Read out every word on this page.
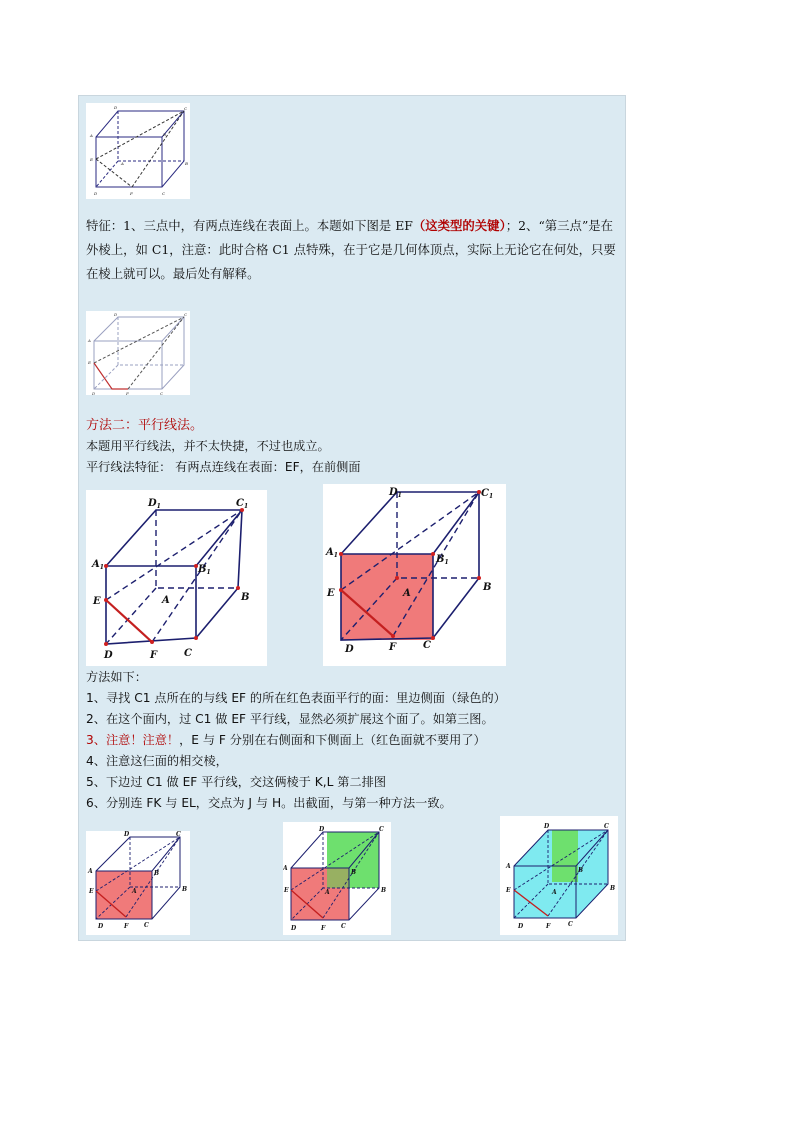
D	C
A	B
E
A	B
D	F	C
特征：1、三点中，有两点连线在表面上。本题如下图是 EF（这类型的关键）；2、“第三点”是在外棱上，如 C1，注意：此时合格 C1 点特殊，在于它是几何体顶点，实际上无论它在何处，只要在棱上就可以。最后处有解释。
D	C
A
E
D	F	C
方法二：平行线法。
本题用平行线法，并不太快捷，不过也成立。
平行线法特征： 有两点连线在表面：EF，在前侧面
$D_1$	$C_1$
$A_1$	$B_1$
E	A	B
D	F	C
$D_1$	$C_1$
$A_1$	$B_1$
E	A
B
D	F	C
方法如下：
1、寻找 C1 点所在的与线 EF 的所在红色表面平行的面：里边侧面（绿色的）
2、在这个面内，过 C1 做 EF 平行线，显然必须扩展这个面了。如第三图。
3、注意！注意！，E 与 F 分别在右侧面和下侧面上（红色面就不要用了）
4、注意这仨面的相交棱，
5、下边过 C1 做 EF 平行线，交这俩棱于 K,L 第二排图
6、分别连 FK 与 EL，交点为 J 与 H。出截面，与第一种方法一致。
D	C
A	B
E	A	B
D	F	C
D	C
A
B
E	A	B
D	F	C
D	C
A
B
E	A
B
D	F	C
